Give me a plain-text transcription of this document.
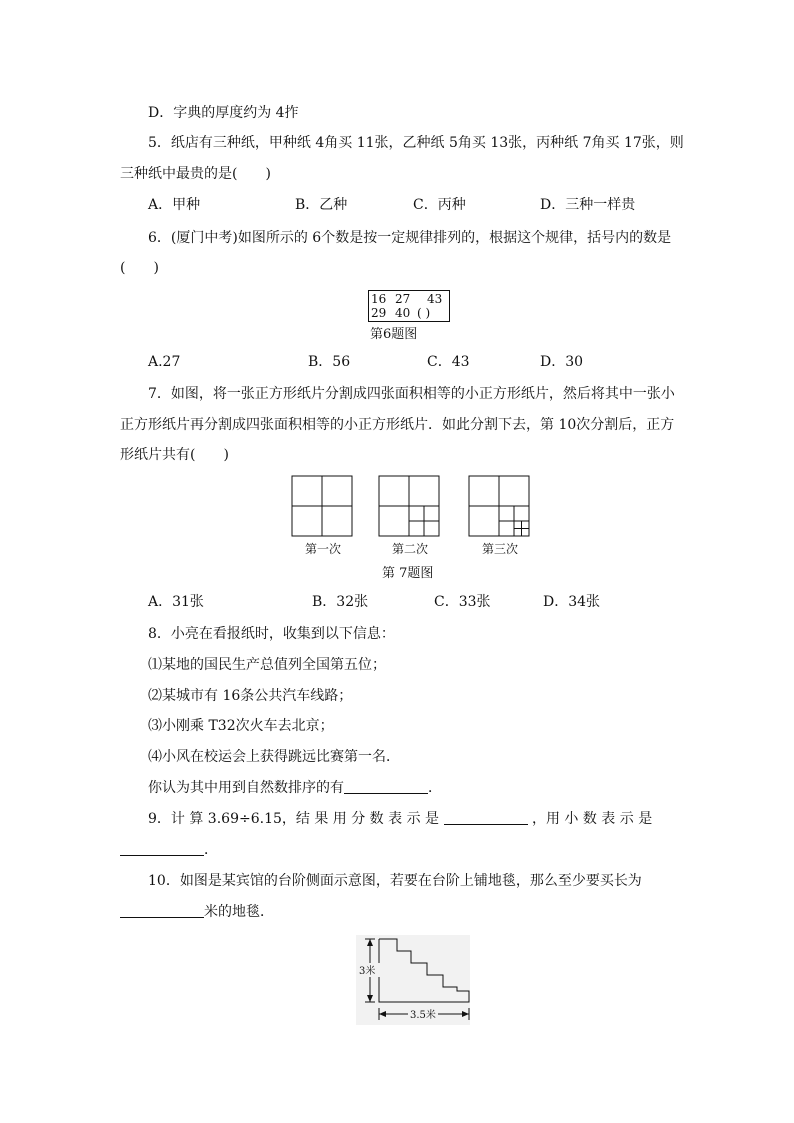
D．字典的厚度约为 4拃
5．纸店有三种纸，甲种纸 4角买 11张，乙种纸 5角买 13张，丙种纸 7角买 17张，则
三种纸中最贵的是(　　)
A．甲种	B．乙种	C．丙种	D．三种一样贵
6．(厦门中考)如图所示的 6个数是按一定规律排列的，根据这个规律，括号内的数是
(　　)
16 27 43
29 40 ( )
第6题图
A.27	B．56	C．43	D．30
7．如图，将一张正方形纸片分割成四张面积相等的小正方形纸片，然后将其中一张小
正方形纸片再分割成四张面积相等的小正方形纸片．如此分割下去，第 10次分割后，正方
形纸片共有(　　)
第一次	第二次	第三次
第 7题图
A．31张	B．32张	C．33张	D．34张
8．小亮在看报纸时，收集到以下信息：
⑴某地的国民生产总值列全国第五位；
⑵某城市有 16条公共汽车线路；
⑶小刚乘 T32次火车去北京；
⑷小风在校运会上获得跳远比赛第一名．
你认为其中用到自然数排序的有	．
9．计 算 3.69÷6.15，结 果 用 分 数 表 示 是	，用 小 数 表 示 是
．
10．如图是某宾馆的台阶侧面示意图，若要在台阶上铺地毯，那么至少要买长为
米的地毯．
3米
3.5米
